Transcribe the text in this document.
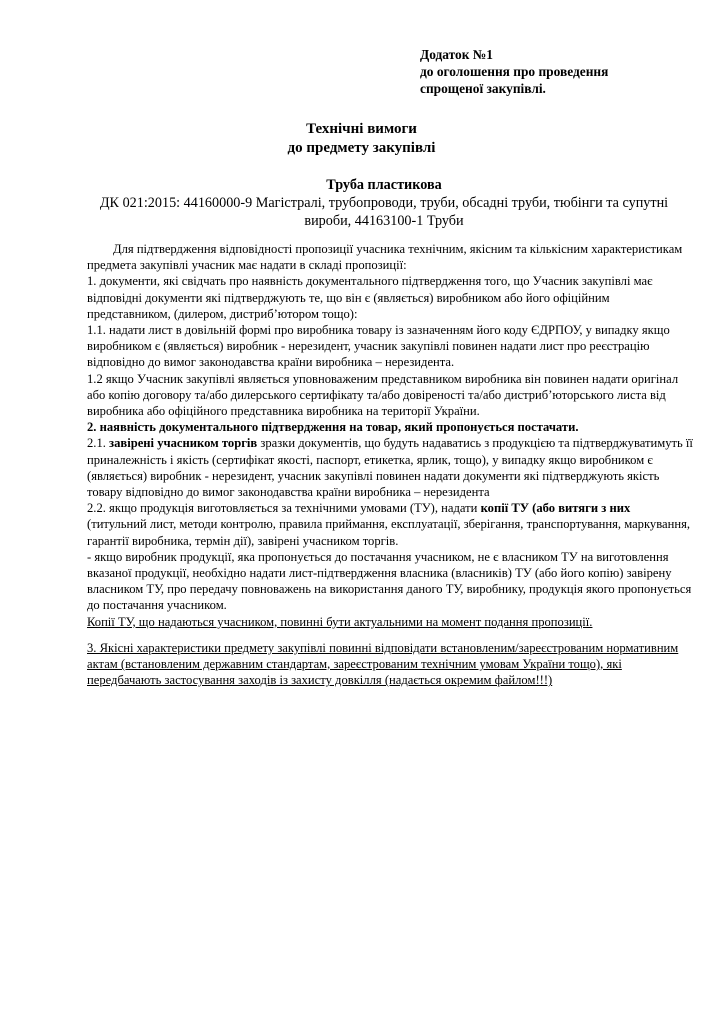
Додаток №1
до оголошення про проведення
спрощеної закупівлі.
Технічні вимоги
до предмету закупівлі
Труба пластикова
ДК 021:2015: 44160000-9 Магістралі, трубопроводи, труби, обсадні труби, тюбінги та супутні вироби, 44163100-1 Труби

Для підтвердження відповідності пропозиції учасника технічним, якісним та кількісним характеристикам предмета закупівлі учасник має надати в складі пропозиції:

1. документи, які свідчать про наявність документального підтвердження того, що Учасник закупівлі має відповідні документи які підтверджують те, що він є (являється) виробником або його офіційним представником, (дилером, дистриб’ютором тощо):

1.1. надати лист в довільній формі про виробника товару із зазначенням його коду ЄДРПОУ, у випадку якщо виробником є (являється) виробник - нерезидент, учасник закупівлі повинен надати лист про реєстрацію відповідно до вимог законодавства країни виробника – нерезидента.

1.2 якщо Учасник закупівлі являється уповноваженим представником виробника він повинен надати оригінал або копію договору та/або дилерського сертифікату та/або довіреності та/або дистриб’юторського листа від виробника або офіційного представника виробника на території України.

2. наявність документального підтвердження на товар, який пропонується постачати.

2.1. завірені учасником торгів зразки документів, що будуть надаватись з продукцією та підтверджуватимуть її приналежність і якість (сертифікат якості, паспорт, етикетка, ярлик, тощо), у випадку якщо виробником є (являється) виробник - нерезидент, учасник закупівлі повинен надати документи які підтверджують якість товару відповідно до вимог законодавства країни виробника – нерезидента

2.2. якщо продукція виготовляється за технічними умовами (ТУ), надати копії ТУ (або витяги з них (титульний лист, методи контролю, правила приймання, експлуатації, зберігання, транспортування, маркування, гарантії виробника, термін дії), завірені учасником торгів.

- якщо виробник продукції, яка пропонується до постачання учасником, не є власником ТУ на виготовлення вказаної продукції, необхідно надати лист-підтвердження власника (власників) ТУ (або його копію) завірену власником ТУ, про передачу повноважень на використання даного ТУ, виробнику, продукція якого пропонується до постачання учасником.

Копії ТУ, що надаються учасником, повинні бути актуальними на момент подання пропозиції.

3. Якісні характеристики предмету закупівлі повинні відповідати встановленим/зареєстрованим нормативним актам (встановленим державним стандартам, зареєстрованим технічним умовам України тощо), які передбачають застосування заходів із захисту довкілля (надається окремим файлом!!!)
